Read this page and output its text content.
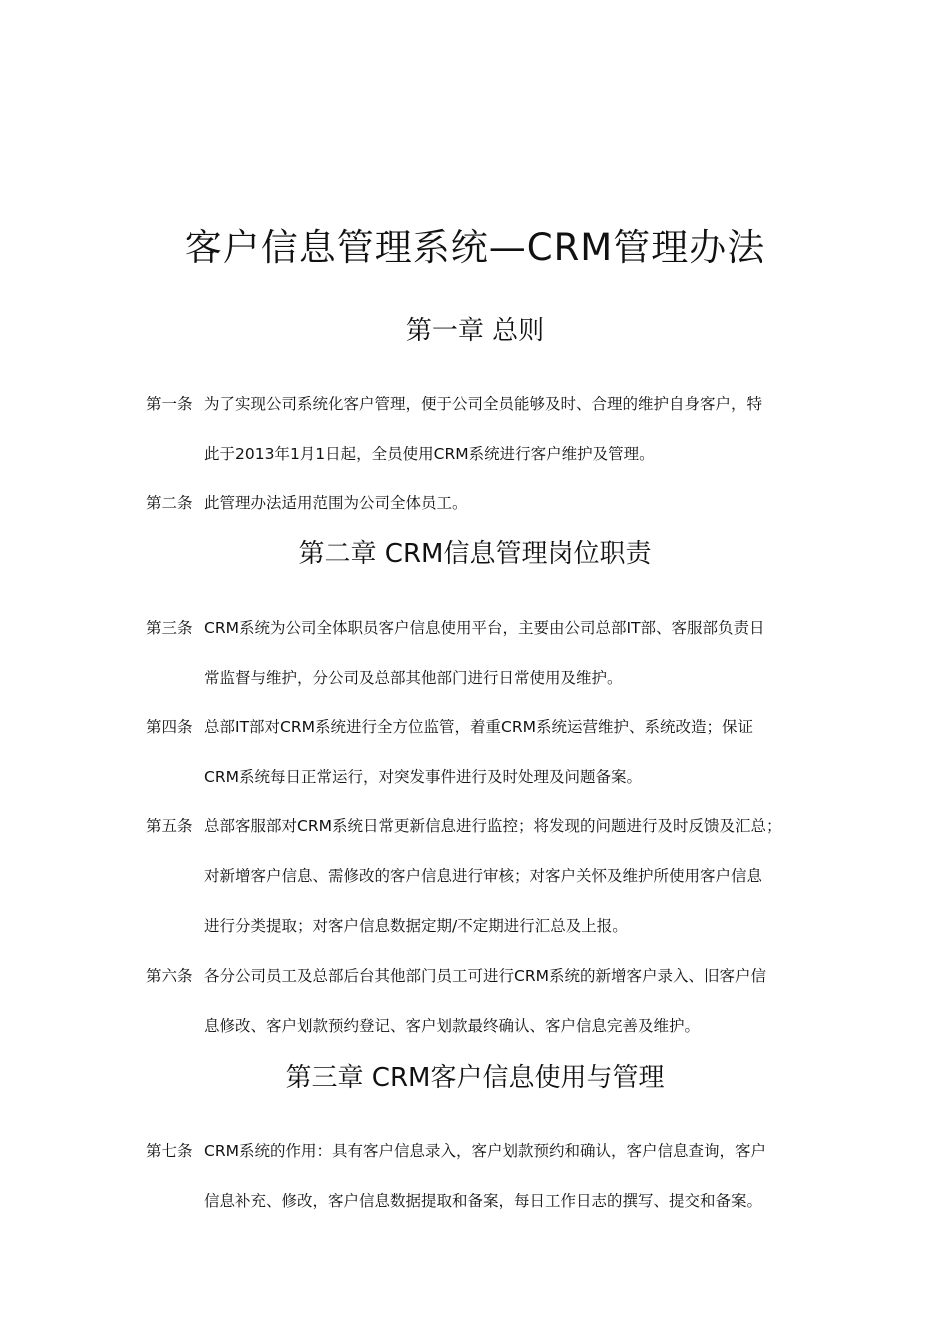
客户信息管理系统—CRM管理办法
第一章 总则
第一条 为了实现公司系统化客户管理，便于公司全员能够及时、合理的维护自身客户，特
此于2013年1月1日起，全员使用CRM系统进行客户维护及管理。
第二条 此管理办法适用范围为公司全体员工。
第二章 CRM信息管理岗位职责
第三条 CRM系统为公司全体职员客户信息使用平台，主要由公司总部IT部、客服部负责日
常监督与维护，分公司及总部其他部门进行日常使用及维护。
第四条 总部IT部对CRM系统进行全方位监管，着重CRM系统运营维护、系统改造；保证
CRM系统每日正常运行，对突发事件进行及时处理及问题备案。
第五条 总部客服部对CRM系统日常更新信息进行监控；将发现的问题进行及时反馈及汇总；
对新增客户信息、需修改的客户信息进行审核；对客户关怀及维护所使用客户信息
进行分类提取；对客户信息数据定期/不定期进行汇总及上报。
第六条 各分公司员工及总部后台其他部门员工可进行CRM系统的新增客户录入、旧客户信
息修改、客户划款预约登记、客户划款最终确认、客户信息完善及维护。
第三章 CRM客户信息使用与管理
第七条 CRM系统的作用：具有客户信息录入，客户划款预约和确认，客户信息查询，客户
信息补充、修改，客户信息数据提取和备案，每日工作日志的撰写、提交和备案。
